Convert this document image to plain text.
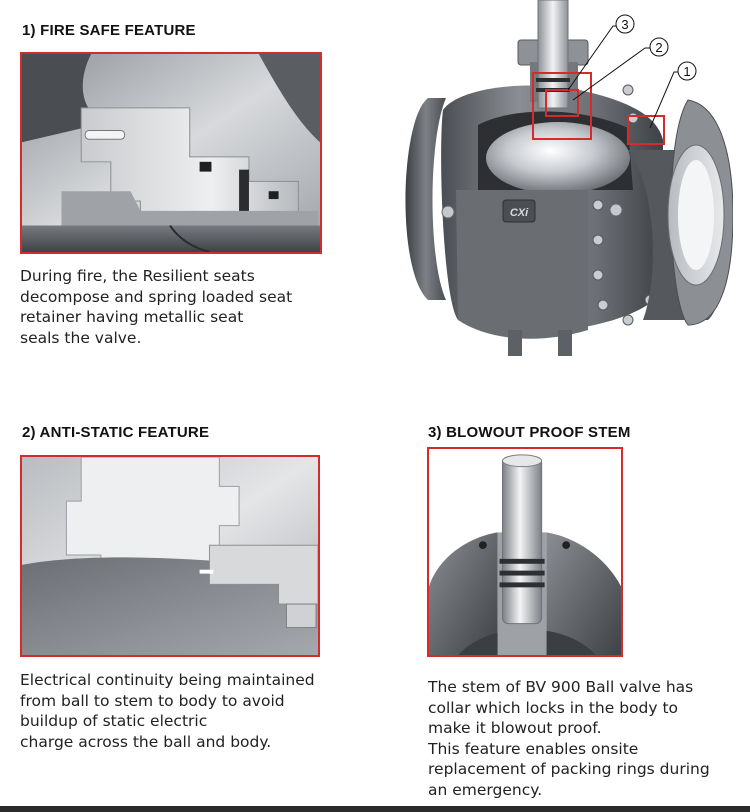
1) FIRE SAFE FEATURE
During fire, the Resilient seats
decompose and spring loaded seat
retainer having metallic seat
seals the valve.
CXi
3
2
1
2) ANTI-STATIC FEATURE
Electrical continuity being maintained
from ball to stem to body to avoid
buildup of static electric
charge across the ball and body.
3) BLOWOUT PROOF STEM
The stem of BV 900 Ball valve has
collar which locks in the body to
make it blowout proof.
This feature enables onsite
replacement of packing rings during
an emergency.
